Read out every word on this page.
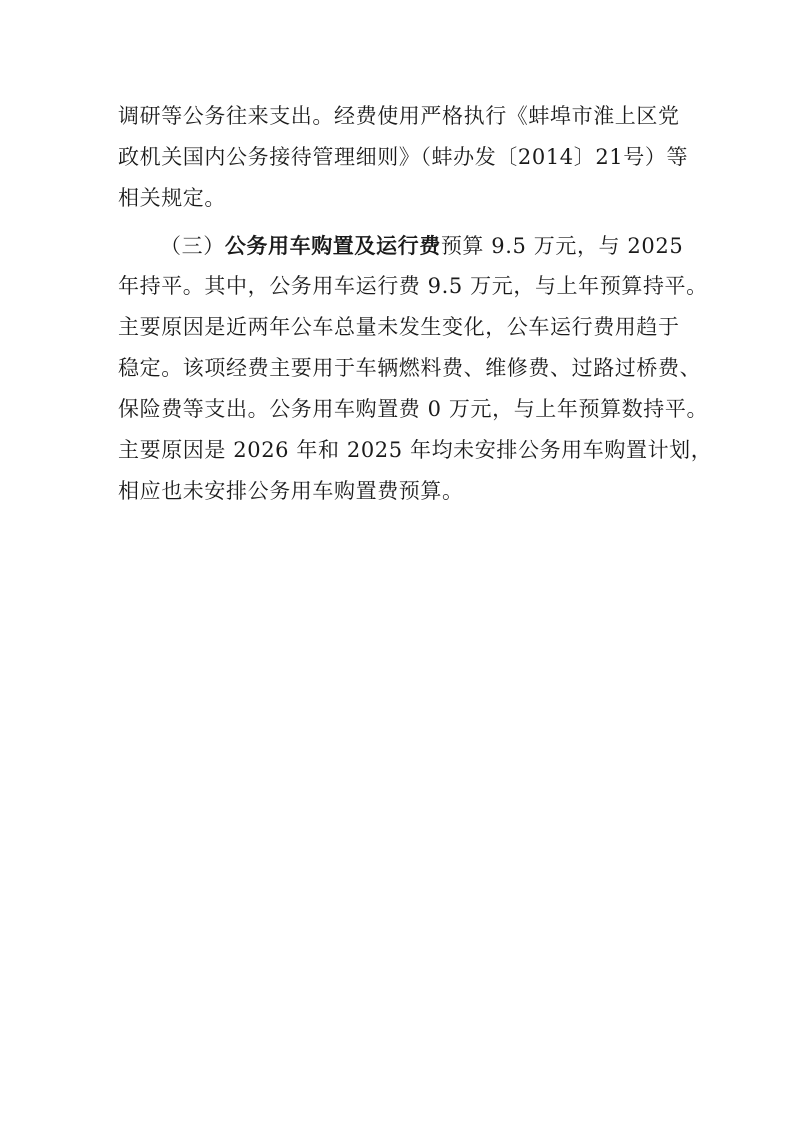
调研等公务往来支出。经费使用严格执行《蚌埠市淮上区党
政机关国内公务接待管理细则》（蚌办发〔2014〕21号）等
相关规定。
（三）公务用车购置及运行费预算 9.5 万元，与 2025
年持平。其中，公务用车运行费 9.5 万元，与上年预算持平。
主要原因是近两年公车总量未发生变化，公车运行费用趋于
稳定。该项经费主要用于车辆燃料费、维修费、过路过桥费、
保险费等支出。公务用车购置费 0 万元，与上年预算数持平。
主要原因是 2026 年和 2025 年均未安排公务用车购置计划，
相应也未安排公务用车购置费预算。
